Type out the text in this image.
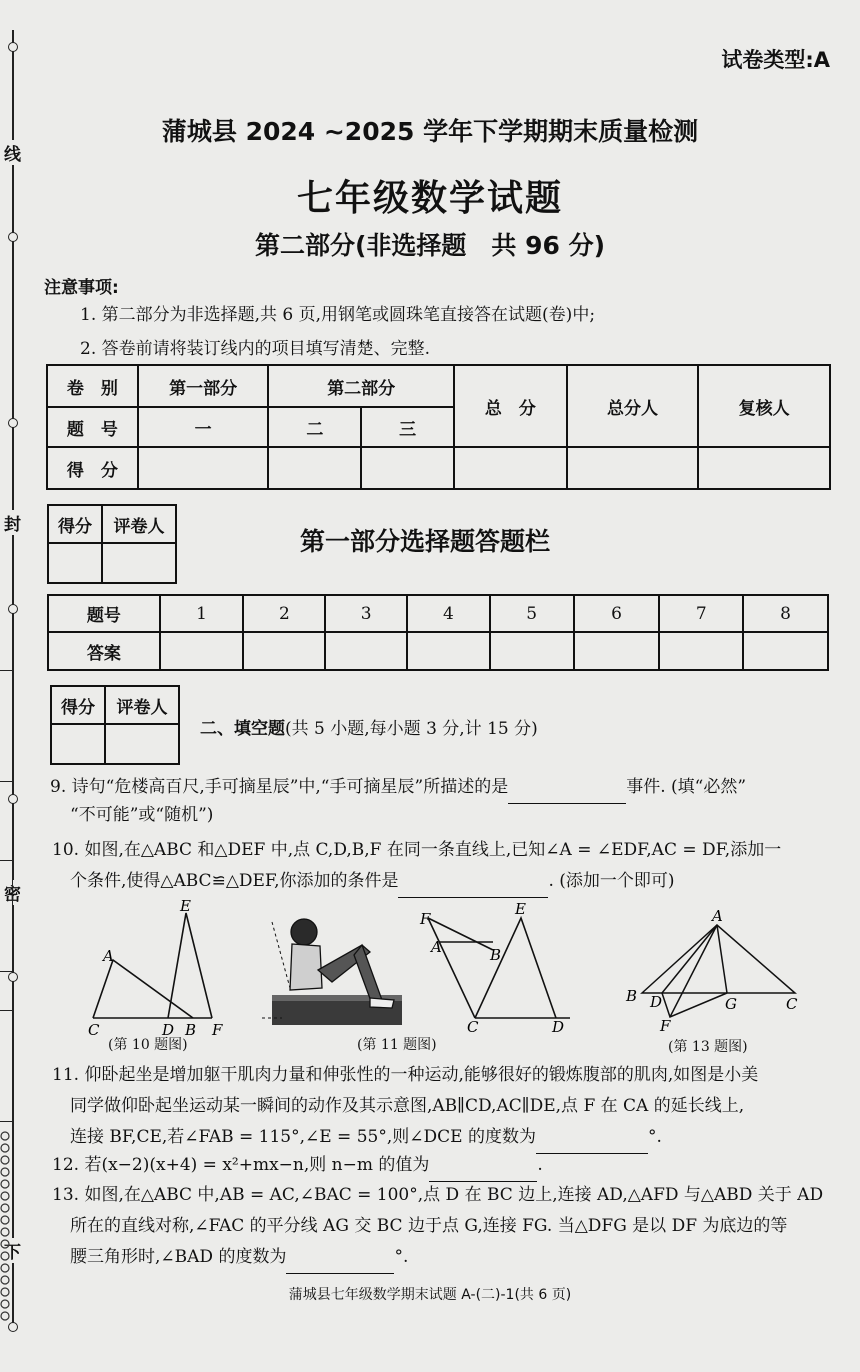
线
封
密
下
试卷类型:A
蒲城县 2024 ~2025 学年下学期期末质量检测
七年级数学试题
第二部分(非选择题　共 96 分)
注意事项:
1. 第二部分为非选择题,共 6 页,用钢笔或圆珠笔直接答在试题(卷)中;
2. 答卷前请将装订线内的项目填写清楚、完整.
卷　别	第一部分	第二部分		总　分	总分人	复核人
题　号	一	二	三			
得　分						
得分	评卷人

第一部分选择题答题栏
题号	1	2	3	4	5	6	7	8
答案								
得分	评卷人

二、填空题(共 5 小题,每小题 3 分,计 15 分)
9. 诗句“危楼高百尺,手可摘星辰”中,“手可摘星辰”所描述的是	事件. (填“必然”
“不可能”或“随机”)
10. 如图,在△ABC 和△DEF 中,点 C,D,B,F 在同一条直线上,已知∠A = ∠EDF,AC = DF,添加一
个条件,使得△ABC≌△DEF,你添加的条件是	. (添加一个即可)
A
E
C	D B F
(第 10 题图)
F
A	B
E
C	D
(第 11 题图)
A
B D	G	C
F
(第 13 题图)
11. 仰卧起坐是增加躯干肌肉力量和伸张性的一种运动,能够很好的锻炼腹部的肌肉,如图是小美
同学做仰卧起坐运动某一瞬间的动作及其示意图,AB∥CD,AC∥DE,点 F 在 CA 的延长线上,
连接 BF,CE,若∠FAB = 115°,∠E = 55°,则∠DCE 的度数为	°.
12. 若(x−2)(x+4) = x²+mx−n,则 n−m 的值为	.
13. 如图,在△ABC 中,AB = AC,∠BAC = 100°,点 D 在 BC 边上,连接 AD,△AFD 与△ABD 关于 AD
所在的直线对称,∠FAC 的平分线 AG 交 BC 边于点 G,连接 FG. 当△DFG 是以 DF 为底边的等
腰三角形时,∠BAD 的度数为	°.
蒲城县七年级数学期末试题 A-(二)-1(共 6 页)
